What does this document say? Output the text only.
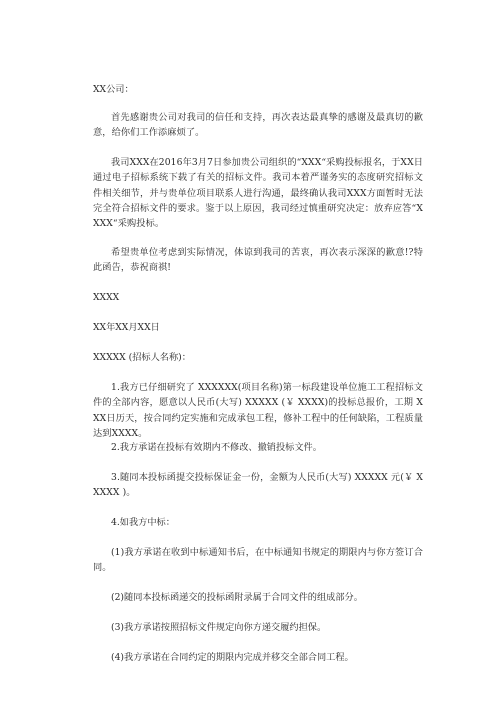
XX公司：
首先感谢贵公司对我司的信任和支持，再次表达最真挚的感谢及最真切的歉意，给你们工作添麻烦了。
我司XXX在2016年3月7日参加贵公司组织的“XXX“采购投标报名，于XX日通过电子招标系统下载了有关的招标文件。我司本着严谨务实的态度研究招标文件相关细节，并与贵单位项目联系人进行沟通，最终确认我司XXX方面暂时无法完全符合招标文件的要求。鉴于以上原因，我司经过慎重研究决定：放弃应答“XXXX“采购投标。
希望贵单位考虑到实际情况，体谅到我司的苦衷，再次表示深深的歉意!?特此函告，恭祝商祺!
XXXX
XX年XX月XX日
XXXXX (招标人名称)：
1.我方已仔细研究了 XXXXXX(项目名称)第一标段建设单位施工工程招标文件的全部内容，愿意以人民币(大写) XXXXX (￥ XXXX)的投标总报价，工期 XXX日历天，按合同约定实施和完成承包工程，修补工程中的任何缺陷，工程质量达到XXXX。
2.我方承诺在投标有效期内不修改、撤销投标文件。
3.随同本投标函提交投标保证金一份，金额为人民币(大写) XXXXX 元(￥ XXXXX )。
4.如我方中标：
(1)我方承诺在收到中标通知书后，在中标通知书规定的期限内与你方签订合同。
(2)随同本投标函递交的投标函附录属于合同文件的组成部分。
(3)我方承诺按照招标文件规定向你方递交履约担保。
(4)我方承诺在合同约定的期限内完成并移交全部合同工程。
